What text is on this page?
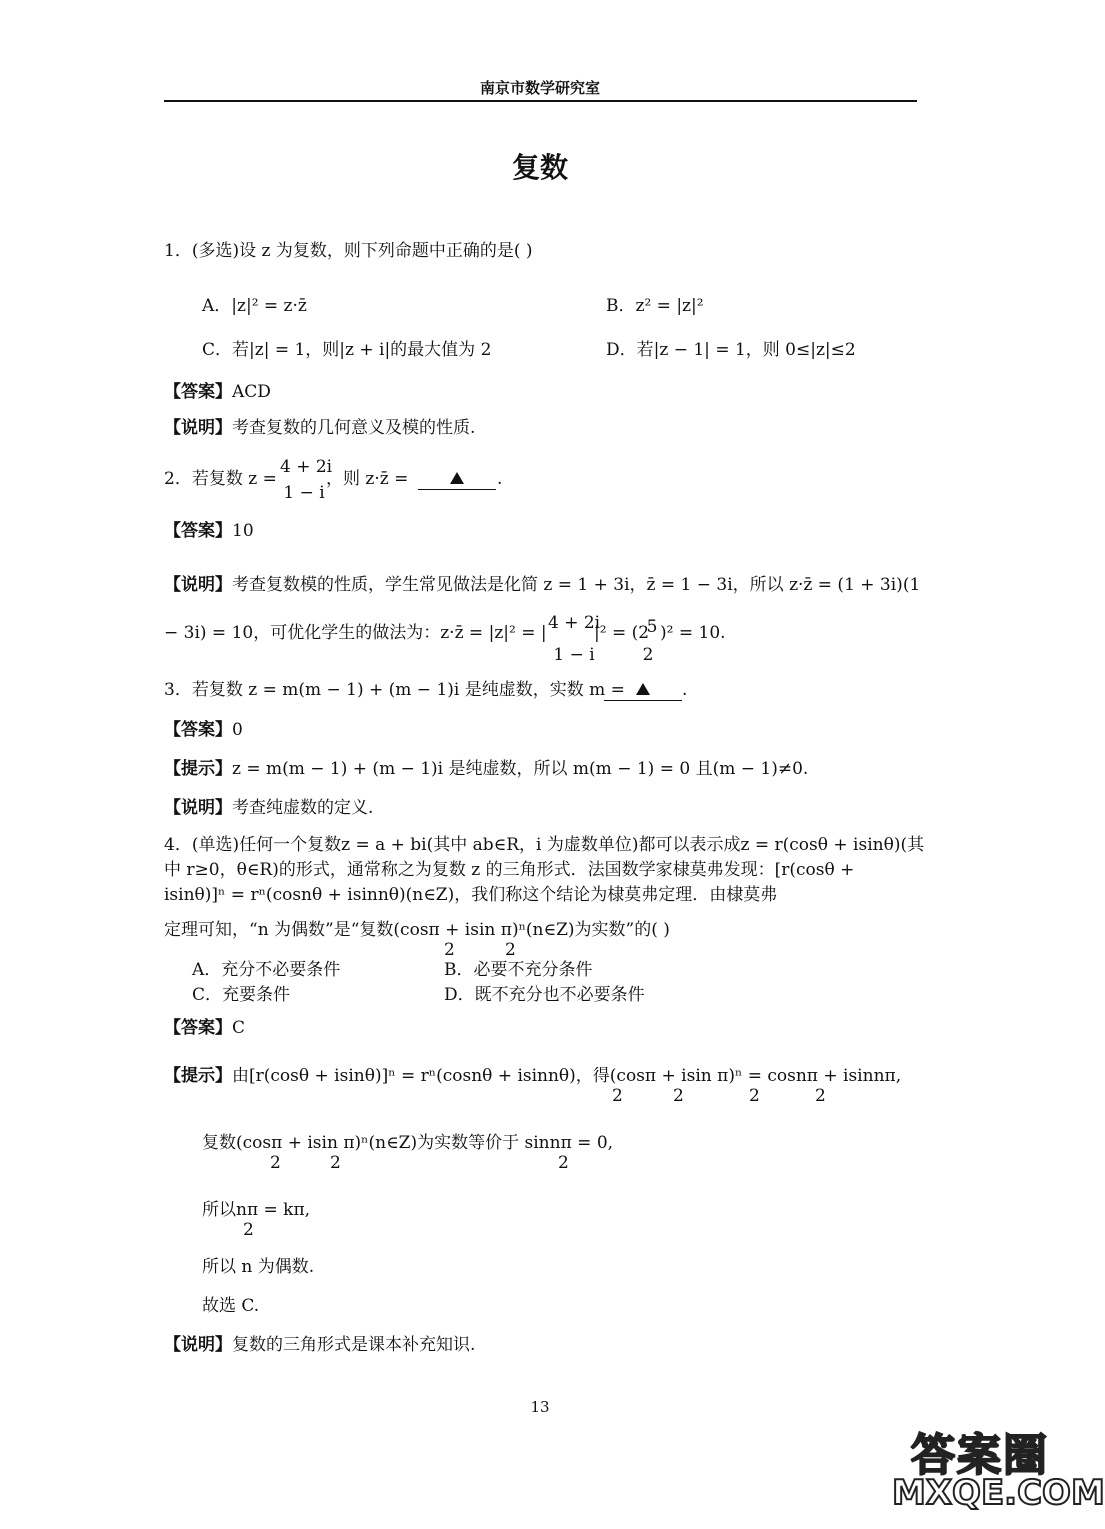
南京市数学研究室
复数
1．(多选)设 z 为复数，则下列命题中正确的是( )
A．|z|² = z·z̄	B．z² = |z|²
C．若|z| = 1，则|z + i|的最大值为 2	D．若|z − 1| = 1，则 0≤|z|≤2
【答案】ACD
【说明】考查复数的几何意义及模的性质.
2．若复数 z =
4 + 2i
1 − i
，则 z·z̄ =	.
【答案】10
【说明】考查复数模的性质，学生常见做法是化简 z = 1 + 3i，z̄ = 1 − 3i，所以 z·z̄ = (1 + 3i)(1
− 3i) = 10，可优化学生的做法为：z·z̄ = |z|² = | 4 + 2i
1 − i
|² = (2
5
2
)² = 10.
3．若复数 z = m(m − 1) + (m − 1)i 是纯虚数，实数 m =	.
【答案】0
【提示】z = m(m − 1) + (m − 1)i 是纯虚数，所以 m(m − 1) = 0 且(m − 1)≠0.
【说明】考查纯虚数的定义.
4．(单选)任何一个复数z = a + bi(其中 ab∈R，i 为虚数单位)都可以表示成z = r(cosθ + isinθ)(其
中 r≥0，θ∈R)的形式，通常称之为复数 z 的三角形式．法国数学家棣莫弗发现：[r(cosθ +
isinθ)]ⁿ = rⁿ(cosnθ + isinnθ)(n∈Z)，我们称这个结论为棣莫弗定理．由棣莫弗
定理可知，“n 为偶数”是“复数(cosπ + isin π)ⁿ(n∈Z)为实数”的( )
2	2
A．充分不必要条件	B．必要不充分条件
C．充要条件	D．既不充分也不必要条件
【答案】C
【提示】由[r(cosθ + isinθ)]ⁿ = rⁿ(cosnθ + isinnθ)，得(cosπ + isin π)ⁿ = cosnπ + isinnπ,
2	2	2	2
复数(cosπ + isin π)ⁿ(n∈Z)为实数等价于 sinnπ = 0,
2	2	2
所以nπ = kπ,
2
所以 n 为偶数.
故选 C.
【说明】复数的三角形式是课本补充知识.
13
答案圈
MXQE.COM
